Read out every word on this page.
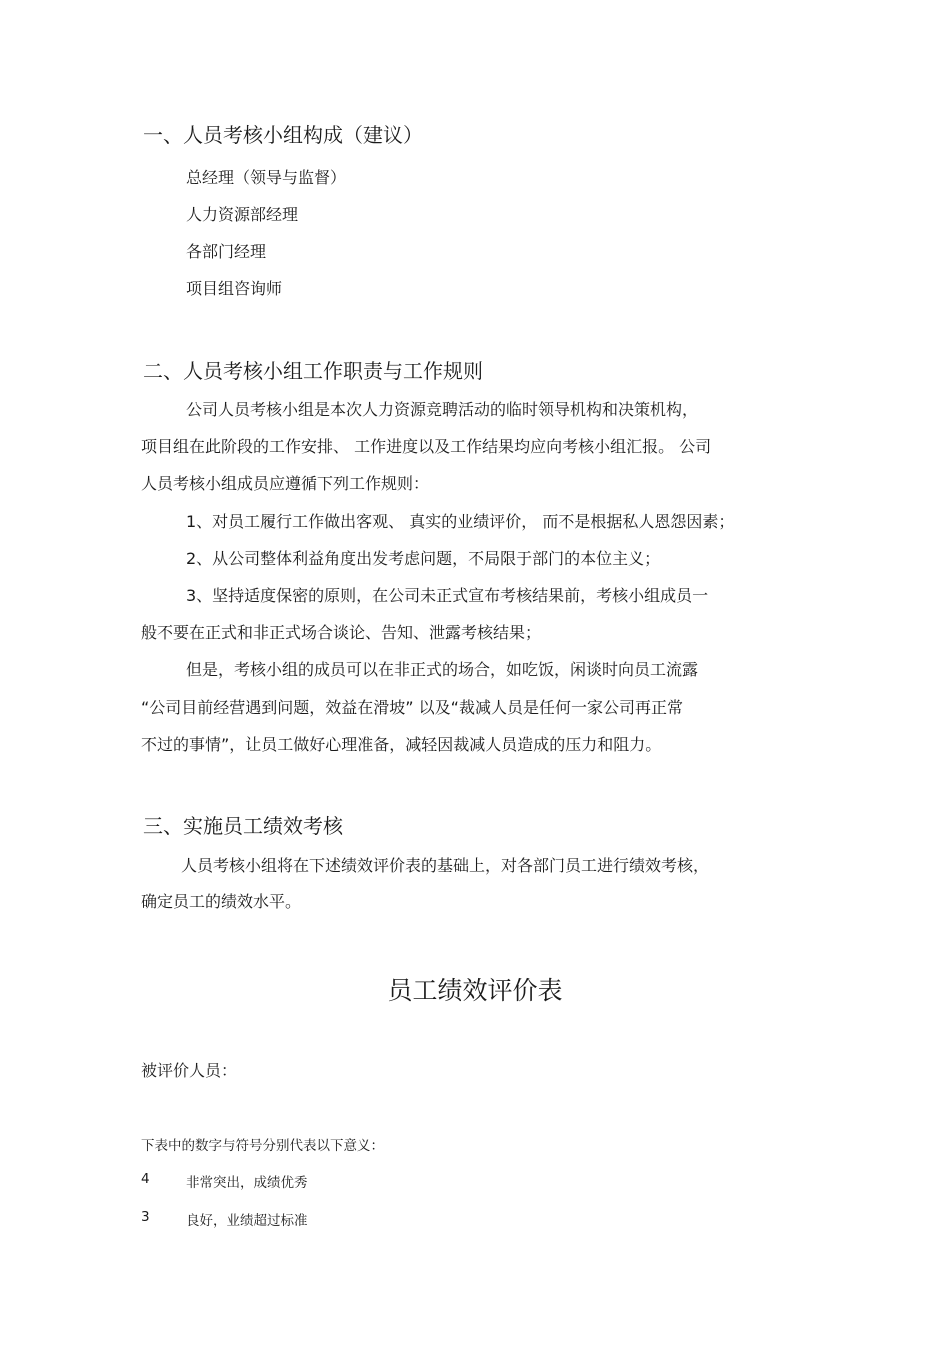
一、人员考核小组构成（建议）

总经理（领导与监督）

人力资源部经理

各部门经理

项目组咨询师

二、人员考核小组工作职责与工作规则

公司人员考核小组是本次人力资源竞聘活动的临时领导机构和决策机构，

项目组在此阶段的工作安排、 工作进度以及工作结果均应向考核小组汇报。 公司

人员考核小组成员应遵循下列工作规则：

1、对员工履行工作做出客观、 真实的业绩评价， 而不是根据私人恩怨因素；

2、从公司整体利益角度出发考虑问题，不局限于部门的本位主义；

3、坚持适度保密的原则，在公司未正式宣布考核结果前，考核小组成员一

般不要在正式和非正式场合谈论、告知、泄露考核结果；

但是，考核小组的成员可以在非正式的场合，如吃饭，闲谈时向员工流露

“公司目前经营遇到问题，效益在滑坡” 以及“裁减人员是任何一家公司再正常

不过的事情”，让员工做好心理准备，减轻因裁减人员造成的压力和阻力。

三、实施员工绩效考核

人员考核小组将在下述绩效评价表的基础上，对各部门员工进行绩效考核，

确定员工的绩效水平。

员工绩效评价表

被评价人员：

下表中的数字与符号分别代表以下意义：

4	非常突出，成绩优秀

3	良好，业绩超过标准
